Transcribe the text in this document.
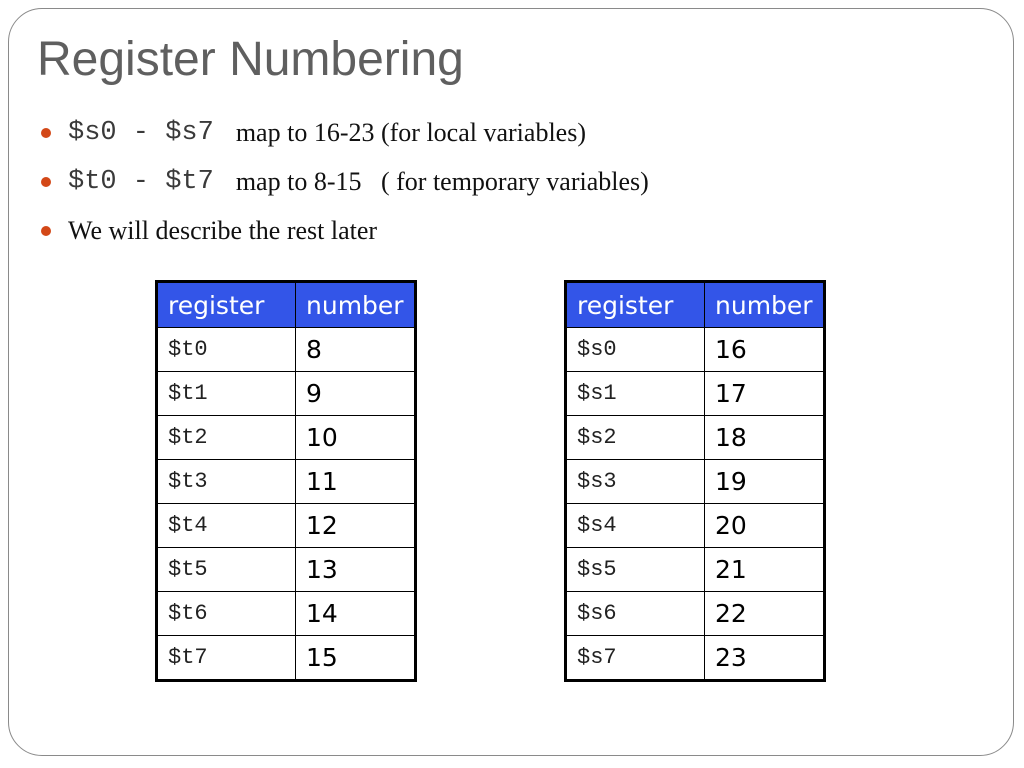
Register Numbering
$s0 - $s7 map to 16-23 (for local variables)
$t0 - $t7 map to 8-15   ( for temporary variables)
We will describe the rest later
register	number
$t0	8
$t1	9
$t2	10
$t3	11
$t4	12
$t5	13
$t6	14
$t7	15
register	number
$s0	16
$s1	17
$s2	18
$s3	19
$s4	20
$s5	21
$s6	22
$s7	23
